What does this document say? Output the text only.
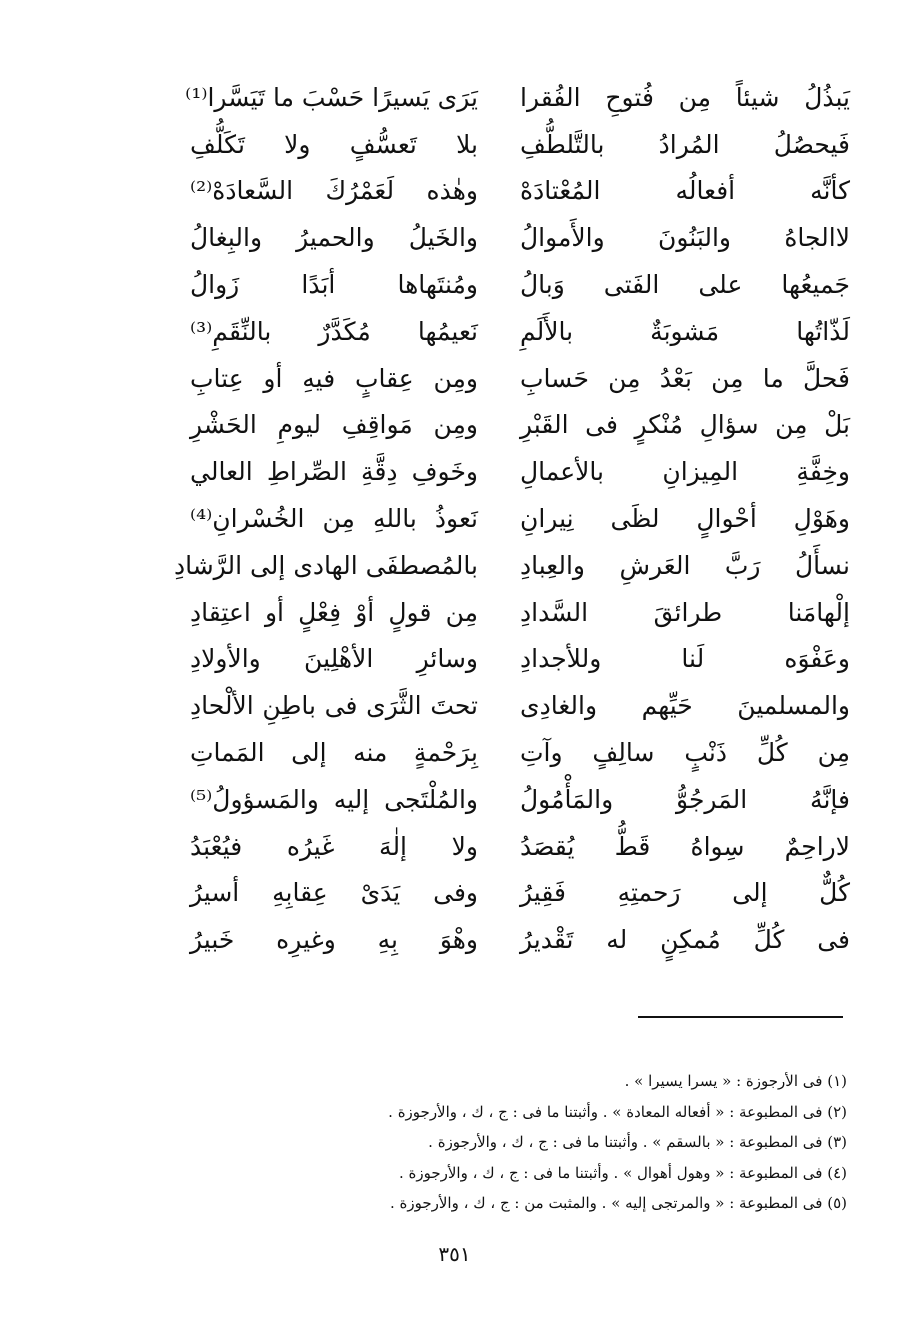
يَبذُلُ شيئاً مِن فُتوحِ الفُقرا
يَرَى يَسيرًا حَسْبَ ما تَيَسَّرا⁽¹⁾
فَيحصُلُ المُرادُ بالتَّلطُّفِ
بلا تَعسُّفٍ ولا تَكَلُّفِ
كأنَّه أفعالُه المُعْتادَهْ
وهٰذه لَعَمْرُكَ السَّعادَهْ⁽²⁾
لاالجاهُ والبَنُونَ والأَموالُ
والخَيلُ والحميرُ والبِغالُ
جَميعُها على الفَتى وَبالُ
ومُنتَهاها أبَدًا زَوالُ
لَذّاتُها مَشوبَةٌ بالأَلَمِ
نَعيمُها مُكَدَّرٌ بالنِّقَمِ⁽³⁾
فَحلَّ ما مِن بَعْدُ مِن حَسابِ
ومِن عِقابٍ فيهِ أو عِتابِ
بَلْ مِن سؤالِ مُنْكرٍ فى القَبْرِ
ومِن مَواقِفِ ليومِ الحَشْرِ
وخِفَّةِ المِيزانِ بالأعمالِ
وخَوفِ دِقَّةِ الصِّراطِ العالي
وهَوْلِ أحْوالٍ لظَى نِيرانِ
نَعوذُ باللهِ مِن الخُسْرانِ⁽⁴⁾
نسأَلُ رَبَّ العَرشِ والعِبادِ
بالمُصطفَى الهادى إلى الرَّشادِ
إلْهامَنا طرائقَ السَّدادِ
مِن قولٍ أوْ فِعْلٍ أو اعتِقادِ
وعَفْوَه لَنا وللأجدادِ
وسائرِ الأهْلِينَ والأولادِ
والمسلمينَ حَيِّهم والغادِى
تحتَ الثَّرَى فى باطِنِ الألْحادِ
مِن كُلِّ ذَنْبٍ سالِفٍ وآتِ
بِرَحْمةٍ منه إلى المَماتِ
فإنَّهُ المَرجُوُّ والمَأْمُولُ
والمُلْتَجى إليه والمَسؤولُ⁽⁵⁾
لاراحِمٌ سِواهُ قَطُّ يُقصَدُ
ولا إلٰهَ غَيرُه فيُعْبَدُ
كُلٌّ إلى رَحمتِهِ فَقِيرُ
وفى يَدَىْ عِقابِهِ أسيرُ
فى كُلِّ مُمكِنٍ له تَقْديرُ
وهْوَ بِهِ وغيرِه خَبيرُ
(١) فى الأرجوزة : « يسرا يسيرا » .
(٢) فى المطبوعة : « أفعاله المعادة » . وأثبتنا ما فى : ج ، ك ، والأرجوزة .
(٣) فى المطبوعة : « بالسقم » . وأثبتنا ما فى : ج ، ك ، والأرجوزة .
(٤) فى المطبوعة : « وهول أهوال » . وأثبتنا ما فى : ج ، ك ، والأرجوزة .
(٥) فى المطبوعة : « والمرتجى إليه » . والمثبت من : ج ، ك ، والأرجوزة .
٣٥١
